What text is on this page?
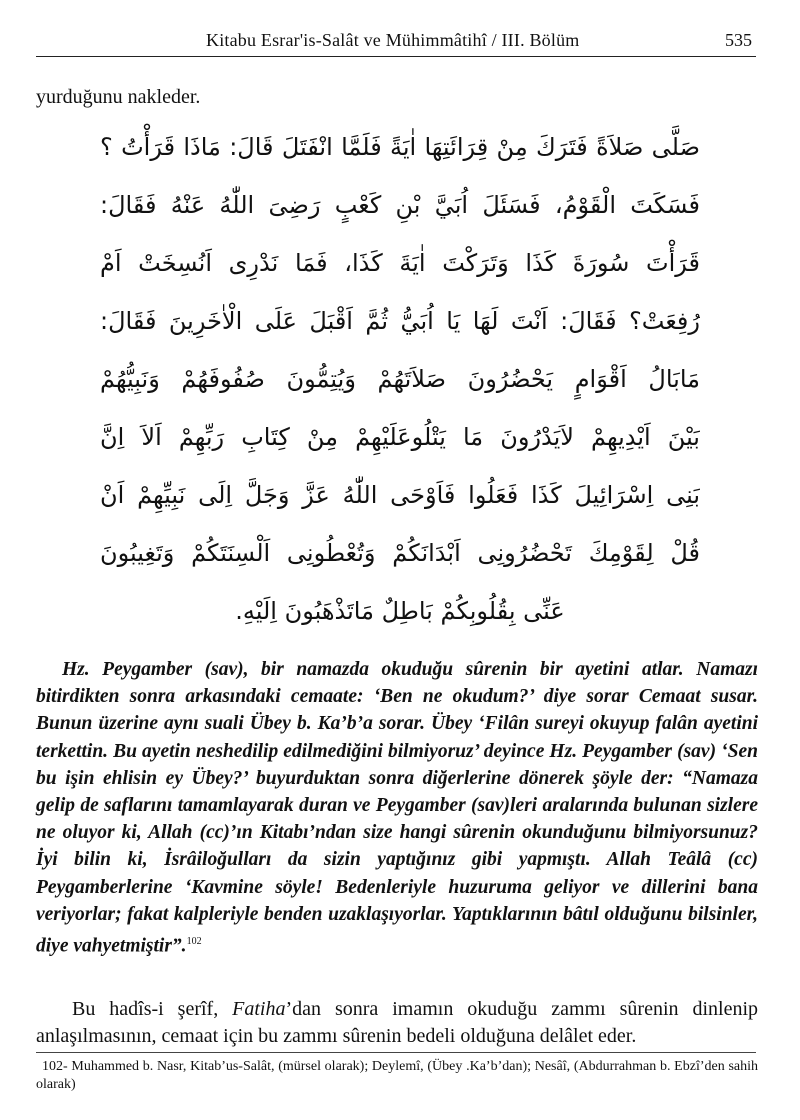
Kitabu Esrar'is-Salât ve Mühimmâtihî / III. Bölüm	535
yurduğunu nakleder.
صَلَّى صَلاَةً فَتَرَكَ مِنْ قِرَائَتِهَا اٰيَةً فَلَمَّا انْفَتَلَ قَالَ: مَاذَا قَرَأْتُ ؟
فَسَكَتَ الْقَوْمُ، فَسَئَلَ اُبَيَّ بْنِ كَعْبٍ رَضِىَ اللّٰهُ عَنْهُ فَقَالَ:
قَرَأْتَ سُورَةَ كَذَا وَتَرَكْتَ اٰيَةَ كَذَا، فَمَا نَدْرِى اَنُسِخَتْ اَمْ
رُفِعَتْ؟ فَقَالَ: اَنْتَ لَهَا يَا اُبَيُّ ثُمَّ اَقْبَلَ عَلَى الْاٰخَرِينَ فَقَالَ:
مَابَالُ اَقْوَامٍ يَحْضُرُونَ صَلاَتَهُمْ وَيُتِمُّونَ صُفُوفَهُمْ وَنَبِيُّهُمْ
بَيْنَ اَيْدِيهِمْ لاَيَدْرُونَ مَا يَتْلُوعَلَيْهِمْ مِنْ كِتَابِ رَبِّهِمْ اَلاَ اِنَّ
بَنِى اِسْرَائِيلَ كَذَا فَعَلُوا فَاَوْحَى اللّٰهُ عَزَّ وَجَلَّ اِلَى نَبِيِّهِمْ اَنْ
قُلْ لِقَوْمِكَ تَحْضُرُونِى اَبْدَانَكُمْ وَتُعْطُونِى اَلْسِنَتَكُمْ وَتَغِيبُونَ
عَنِّى بِقُلُوبِكُمْ بَاطِلٌ مَاتَذْهَبُونَ اِلَيْهِ.

Hz. Peygamber (sav), bir namazda okuduğu sûrenin bir ayetini atlar. Namazı bitirdikten sonra arkasındaki cemaate: ‘Ben ne okudum?’ diye sorar Cemaat susar. Bunun üzerine aynı suali Übey b. Ka’b’a sorar. Übey ‘Filân sureyi okuyup falân ayetini terkettin. Bu ayetin neshedilip edilmediğini bilmiyoruz’ deyince Hz. Peygamber (sav) ‘Sen bu işin ehlisin ey Übey?’ buyurduktan sonra diğerlerine dönerek şöyle der: “Namaza gelip de saflarını tamamlayarak duran ve Peygamber (sav)leri aralarında bulunan sizlere ne oluyor ki, Allah (cc)’ın Kitabı’ndan size hangi sûrenin okunduğunu bilmiyorsunuz? İyi bilin ki, İsrâiloğulları da sizin yaptığınız gibi yapmıştı. Allah Teâlâ (cc) Peygamberlerine ‘Kavmine söyle! Bedenleriyle huzuruma geliyor ve dillerini bana veriyorlar; fakat kalpleriyle benden uzaklaşıyorlar. Yaptıklarının bâtıl olduğunu bilsinler, diye vahyetmiştir”.$^{102}$

Bu hadîs-i şerîf, Fatiha’dan sonra imamın okuduğu zammı sûrenin dinlenip anlaşılmasının, cemaat için bu zammı sûrenin bedeli olduğuna delâlet eder.

102- Muhammed b. Nasr, Kitab’us-Salât, (mürsel olarak); Deylemî, (Übey .Ka’b’dan); Nesâî, (Abdurrahman b. Ebzî’den sahih olarak)
